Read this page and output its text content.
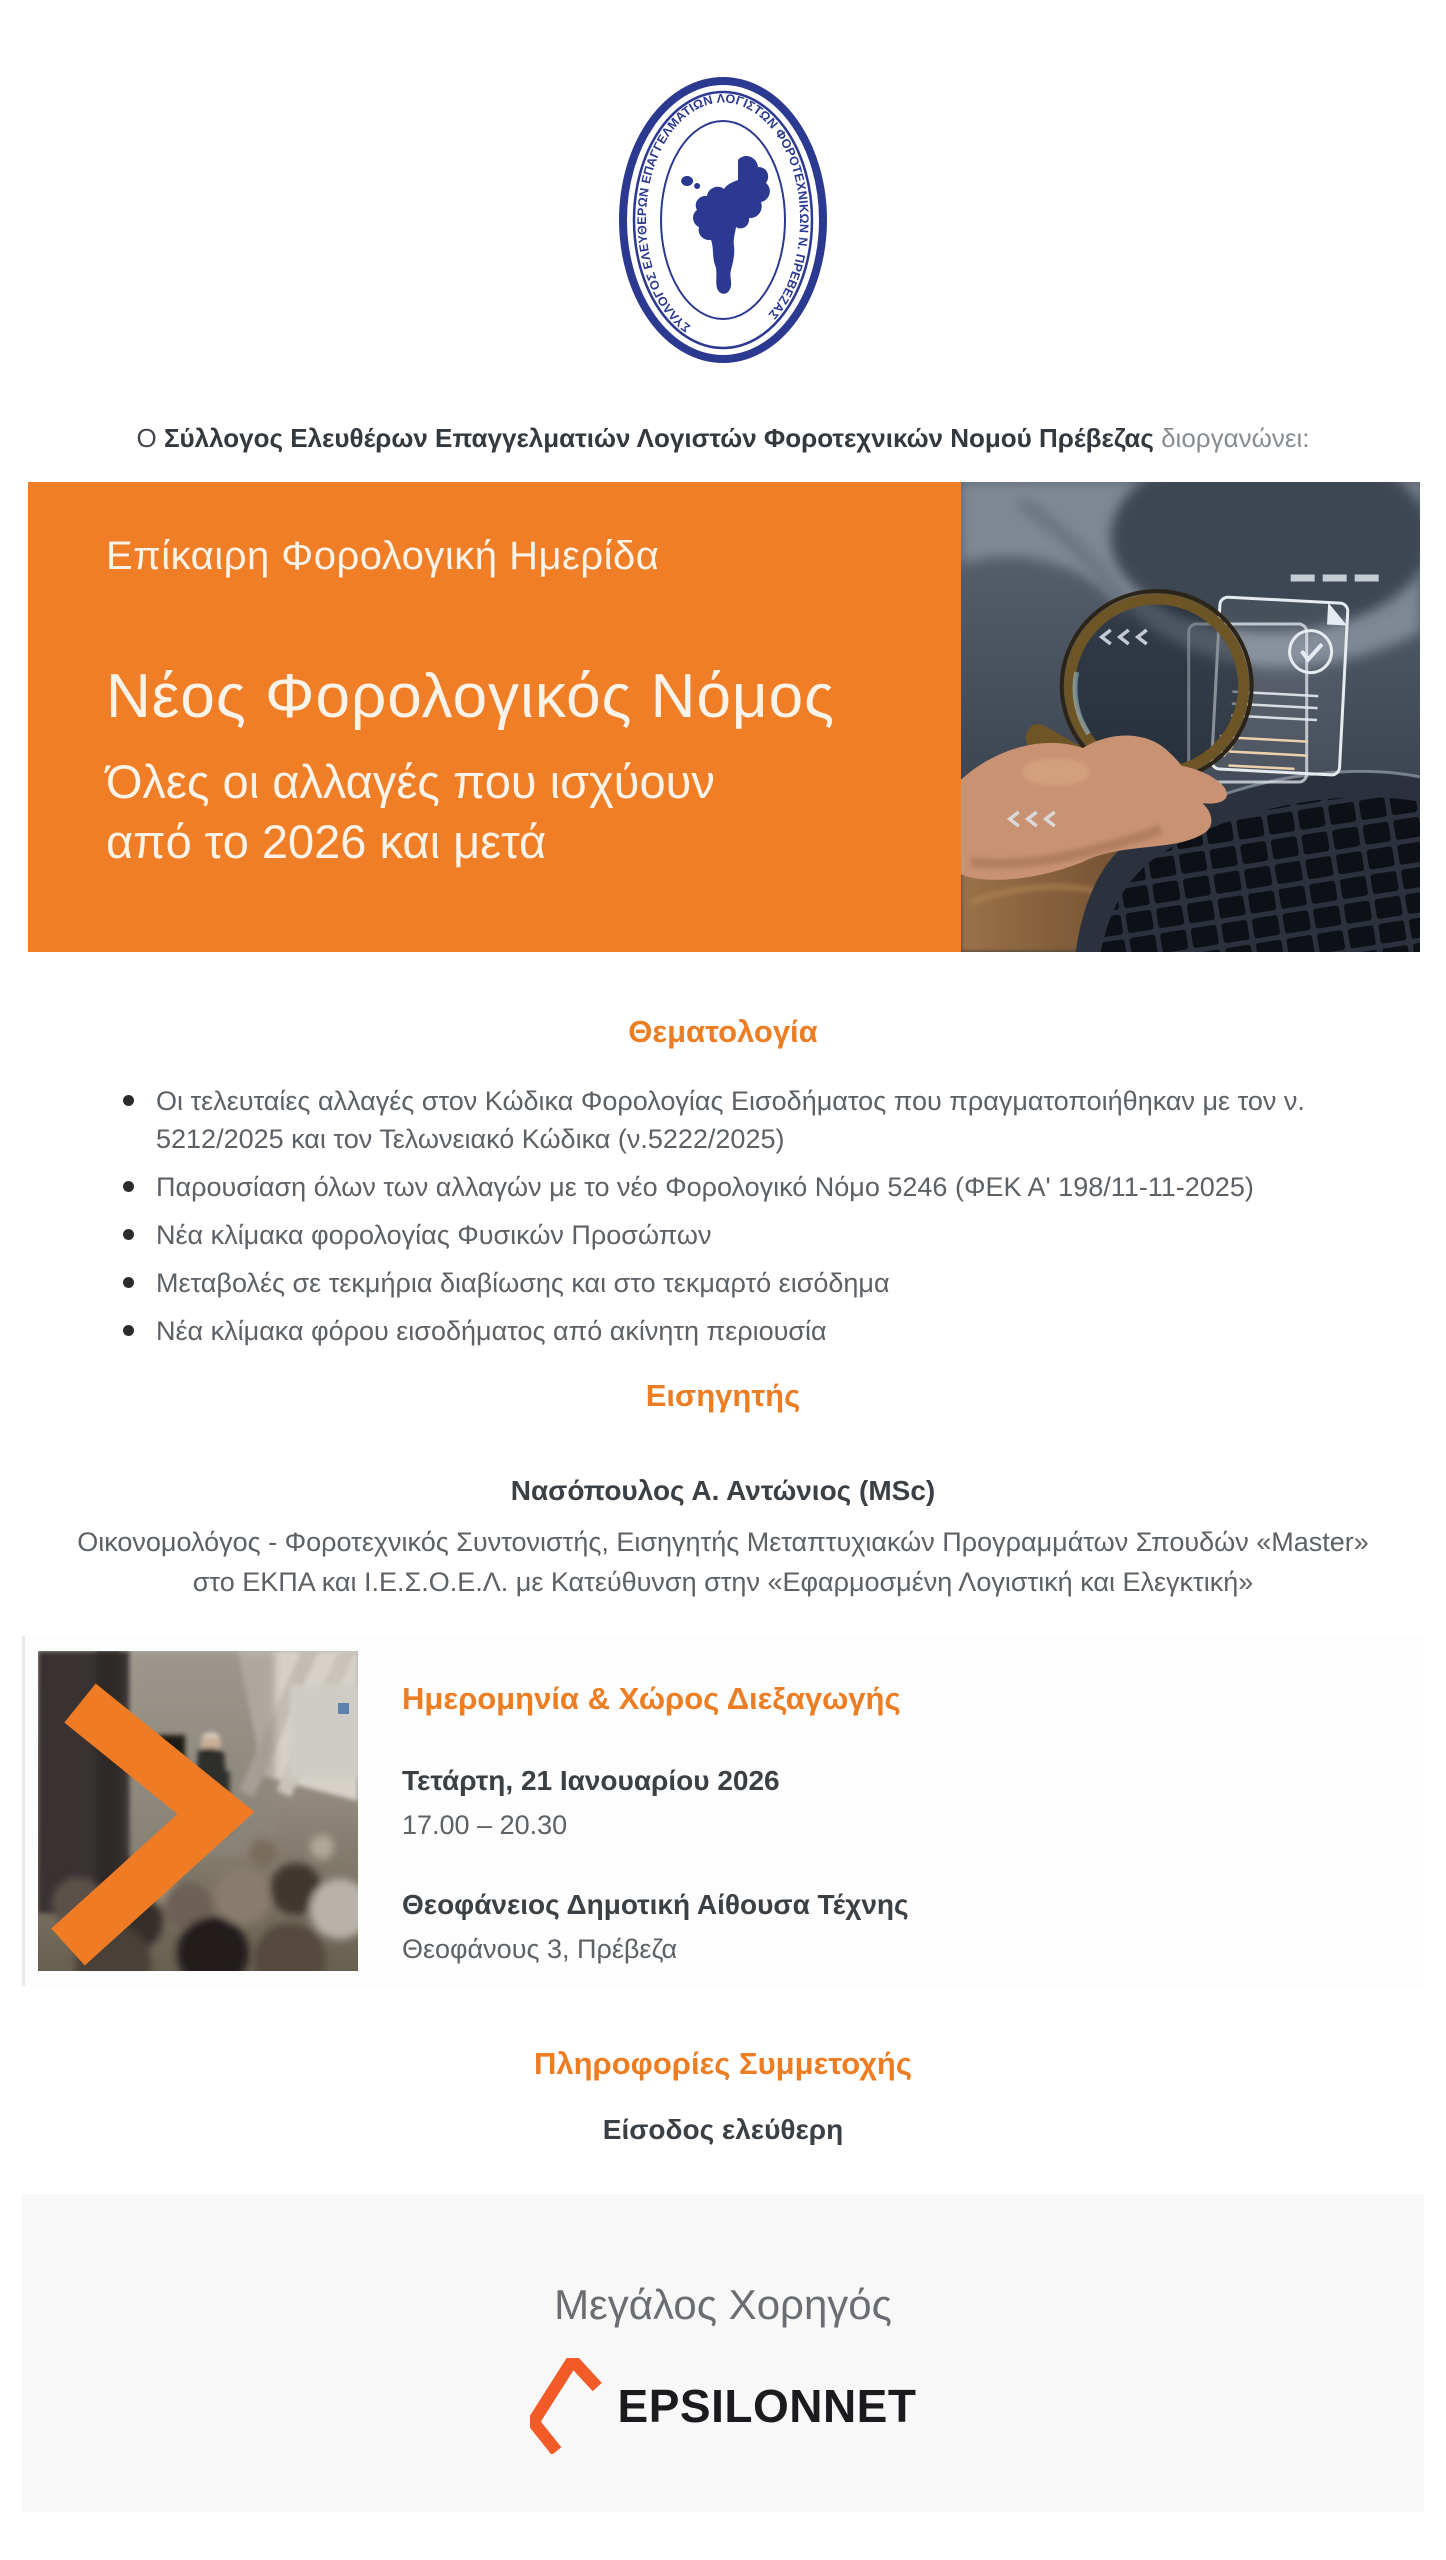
ΣΥΛΛΟΓΟΣ ΕΛΕΥΘΕΡΩΝ ΕΠΑΓΓΕΛΜΑΤΙΩΝ ΛΟΓΙΣΤΩΝ ΦΟΡΟΤΕΧΝΙΚΩΝ Ν. ΠΡΕΒΕΖΑΣ

Ο Σύλλογος Ελευθέρων Επαγγελματιών Λογιστών Φοροτεχνικών Νομού Πρέβεζας διοργανώνει:

Επίκαιρη Φορολογική Ημερίδα
Νέος Φορολογικός Νόμος
Όλες οι αλλαγές που ισχύουν από το 2026 και μετά
Θεματολογία
Οι τελευταίες αλλαγές στον Κώδικα Φορολογίας Εισοδήματος που πραγματοποιήθηκαν με τον ν. 5212/2025 και τον Τελωνειακό Κώδικα (ν.5222/2025)
Παρουσίαση όλων των αλλαγών με το νέο Φορολογικό Νόμο 5246 (ΦΕΚ Α' 198/11-11-2025)
Νέα κλίμακα φορολογίας Φυσικών Προσώπων
Μεταβολές σε τεκμήρια διαβίωσης και στο τεκμαρτό εισόδημα
Νέα κλίμακα φόρου εισοδήματος από ακίνητη περιουσία
Εισηγητής
Νασόπουλος Α. Αντώνιος (MSc)
Οικονομολόγος - Φοροτεχνικός Συντονιστής, Εισηγητής Μεταπτυχιακών Προγραμμάτων Σπουδών «Master» στο ΕΚΠΑ και Ι.Ε.Σ.Ο.Ε.Λ. με Κατεύθυνση στην «Εφαρμοσμένη Λογιστική και Ελεγκτική»
Ημερομηνία & Χώρος Διεξαγωγής
Τετάρτη, 21 Ιανουαρίου 2026
17.00 – 20.30
Θεοφάνειος Δημοτική Αίθουσα Τέχνης
Θεοφάνους 3, Πρέβεζα
Πληροφορίες Συμμετοχής
Είσοδος ελεύθερη
Μεγάλος Χορηγός
EPSILONNET
